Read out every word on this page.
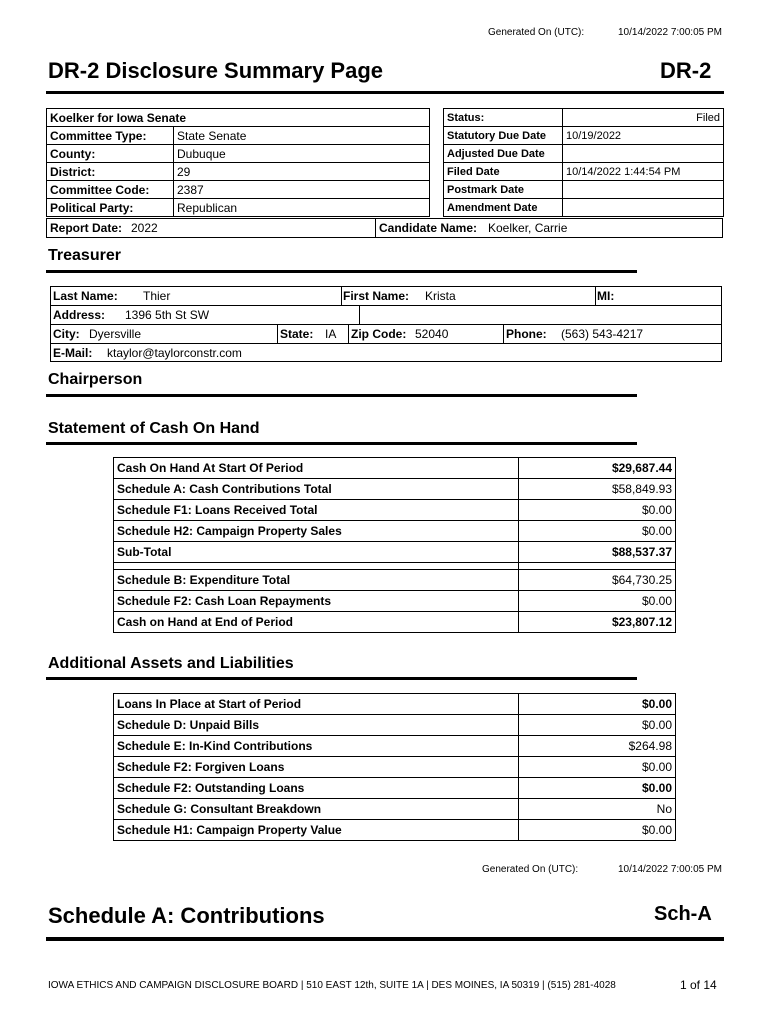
Generated On (UTC):	10/14/2022 7:00:05 PM
DR-2 Disclosure Summary Page	DR-2
Koelker for Iowa Senate	
Committee Type:	State Senate
County:	Dubuque
District:	29
Committee Code:	2387
Political Party:	Republican
Status:	Filed
Statutory Due Date	10/19/2022
Adjusted Due Date	
Filed Date	10/14/2022 1:44:54 PM
Postmark Date	
Amendment Date	
Report Date: 2022	Candidate Name: Koelker, Carrie
Treasurer
Last Name: Thier	First Name: Krista	MI:
Address: 1396 5th St SW
City: Dyersville	State: IA Zip Code: 52040	Phone: (563) 543-4217
E-Mail: ktaylor@taylorconstr.com
Chairperson
Statement of Cash On Hand
Cash On Hand At Start Of Period	$29,687.44
Schedule A: Cash Contributions Total	$58,849.93
Schedule F1: Loans Received Total	$0.00
Schedule H2: Campaign Property Sales	$0.00
Sub-Total	$88,537.37

Schedule B: Expenditure Total	$64,730.25
Schedule F2: Cash Loan Repayments	$0.00
Cash on Hand at End of Period	$23,807.12
Additional Assets and Liabilities
Loans In Place at Start of Period	$0.00
Schedule D: Unpaid Bills	$0.00
Schedule E: In-Kind Contributions	$264.98
Schedule F2: Forgiven Loans	$0.00
Schedule F2: Outstanding Loans	$0.00
Schedule G: Consultant Breakdown	No
Schedule H1: Campaign Property Value	$0.00
Generated On (UTC):	10/14/2022 7:00:05 PM
Schedule A: Contributions	Sch-A
IOWA ETHICS AND CAMPAIGN DISCLOSURE BOARD | 510 EAST 12th, SUITE 1A | DES MOINES, IA 50319 | (515) 281-4028	1 of 14
